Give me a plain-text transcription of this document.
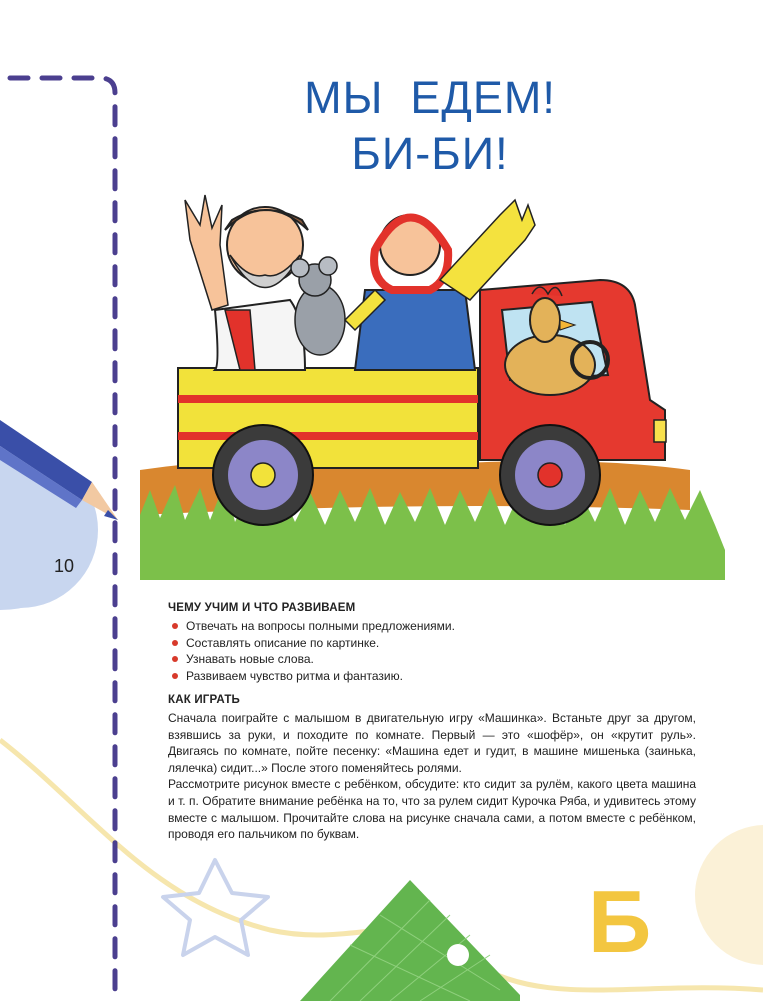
Б
МЫ  ЕДЕМ!
БИ-БИ!
10
ЧЕМУ УЧИМ И ЧТО РАЗВИВАЕМ
Отвечать на вопросы полными предложениями.
Составлять описание по картинке.
Узнавать новые слова.
Развиваем чувство ритма и фантазию.
КАК ИГРАТЬ

Сначала поиграйте с малышом в двигательную игру «Машинка». Встаньте друг за другом, взявшись за руки, и походите по комнате. Первый — это «шофёр», он «крутит руль». Двигаясь по комнате, пойте песенку: «Машина едет и гудит, в машине мишенька (заинька, лялечка) сидит...» После этого поменяйтесь ролями.

Рассмотрите рисунок вместе с ребёнком, обсудите: кто сидит за рулём, какого цвета машина и т. п. Обратите внимание ребёнка на то, что за рулем сидит Курочка Ряба, и удивитесь этому вместе с малышом. Прочитайте слова на рисунке сначала сами, а потом вместе с ребёнком, проводя его пальчиком по буквам.
